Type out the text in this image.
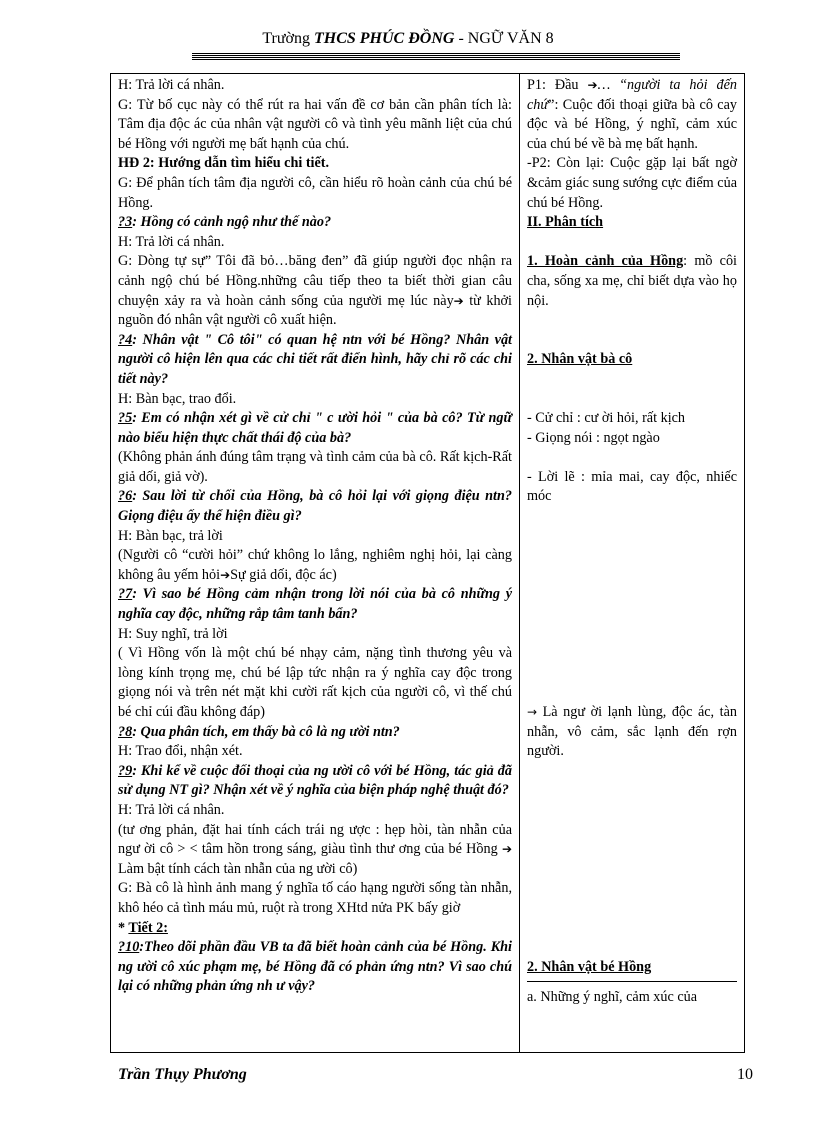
Trường THCS PHÚC ĐỒNG - NGỮ VĂN 8
H: Trả lời cá nhân.
G: Từ bố cục này có thể rút ra hai vấn đề cơ bản cần phân tích là: Tâm địa độc ác của nhân vật người cô và tình yêu mãnh liệt của chú bé Hồng với người mẹ bất hạnh của chú.
HĐ 2: Hướng dẫn tìm hiểu chi tiết.
G: Để phân tích tâm địa người cô, cần hiểu rõ hoàn cảnh của chú bé Hồng.
?3: Hồng có cảnh ngộ như thế nào?
H: Trả lời cá nhân.
G: Dòng tự sự” Tôi đã bỏ…băng đen” đã giúp người đọc nhận ra cảnh ngộ chú bé Hồng.những câu tiếp theo ta biết thời gian câu chuyện xảy ra và hoàn cảnh sống của người mẹ lúc này➔ từ khởi nguồn đó nhân vật người cô xuất hiện.
?4: Nhân vật " Cô tôi" có quan hệ ntn với bé Hồng? Nhân vật người cô hiện lên qua các chi tiết rất điển hình, hãy chỉ rõ các chi tiết này?
H: Bàn bạc, trao đổi.
?5: Em có nhận xét gì về cử chỉ " c ười hỏi " của bà cô? Từ ngữ nào biểu hiện thực chất thái độ của bà?
(Không phản ánh đúng tâm trạng và tình cảm của bà cô. Rất kịch-Rất giả dối, giả vờ).
?6: Sau lời từ chối của Hồng, bà cô hỏi lại với giọng điệu ntn? Giọng điệu ấy thể hiện điều gì?
H: Bàn bạc, trả lời
(Người cô “cười hỏi” chứ không lo lắng, nghiêm nghị hỏi, lại càng không âu yếm hỏi➔Sự giả dối, độc ác)
?7: Vì sao bé Hồng cảm nhận trong lời nói của bà cô những ý nghĩa cay độc, những rắp tâm tanh bẩn?
H: Suy nghĩ, trả lời
( Vì Hồng vốn là một chú bé nhạy cảm, nặng tình thương yêu và lòng kính trọng mẹ, chú bé lập tức nhận ra ý nghĩa cay độc trong giọng nói và trên nét mặt khi cười rất kịch của người cô, vì thế chú bé chỉ cúi đầu không đáp)
?8: Qua phân tích, em thấy bà cô là ng ười ntn?
H: Trao đổi, nhận xét.
?9: Khi kể về cuộc đối thoại của ng ười cô với bé Hồng, tác giả đã sử dụng NT gì? Nhận xét về ý nghĩa của biện pháp nghệ thuật đó?
H: Trả lời cá nhân.
(tư ơng phản, đặt hai tính cách trái ng ược : hẹp hòi, tàn nhẫn của ngư ời cô > < tâm hồn trong sáng, giàu tình thư ơng của bé Hồng ➔ Làm bật tính cách tàn nhẫn của ng ười cô)
G: Bà cô là hình ảnh mang ý nghĩa tố cáo hạng người sống tàn nhẫn, khô héo cả tình máu mủ, ruột rà trong XHtd nửa PK bấy giờ
* Tiết 2:
?10:Theo dõi phần đầu VB ta đã biết hoàn cảnh của bé Hồng. Khi ng ười cô xúc phạm mẹ, bé Hồng đã có phản ứng ntn? Vì sao chú lại có những phản ứng nh ư vậy?

P1: Đầu ➔… “người ta hỏi đến chứ”: Cuộc đối thoại giữa bà cô cay độc và bé Hồng, ý nghĩ, cảm xúc của chú bé về bà mẹ bất hạnh.
-P2: Còn lại: Cuộc gặp lại bất ngờ &cảm giác sung sướng cực điểm của chú bé Hồng.
II. Phân tích
1. Hoàn cảnh của Hồng: mồ côi cha, sống xa mẹ, chỉ biết dựa vào họ nội.
2. Nhân vật bà cô
- Cử chỉ : cư ời hỏi, rất kịch
- Giọng nói : ngọt ngào
- Lời lẽ : mỉa mai, cay độc, nhiếc móc
→ Là ngư ời lạnh lùng, độc ác, tàn nhẫn, vô cảm, sắc lạnh đến rợn người.
2. Nhân vật bé Hồng
a. Những ý nghĩ, cảm xúc của
Trần Thụy Phương	10
